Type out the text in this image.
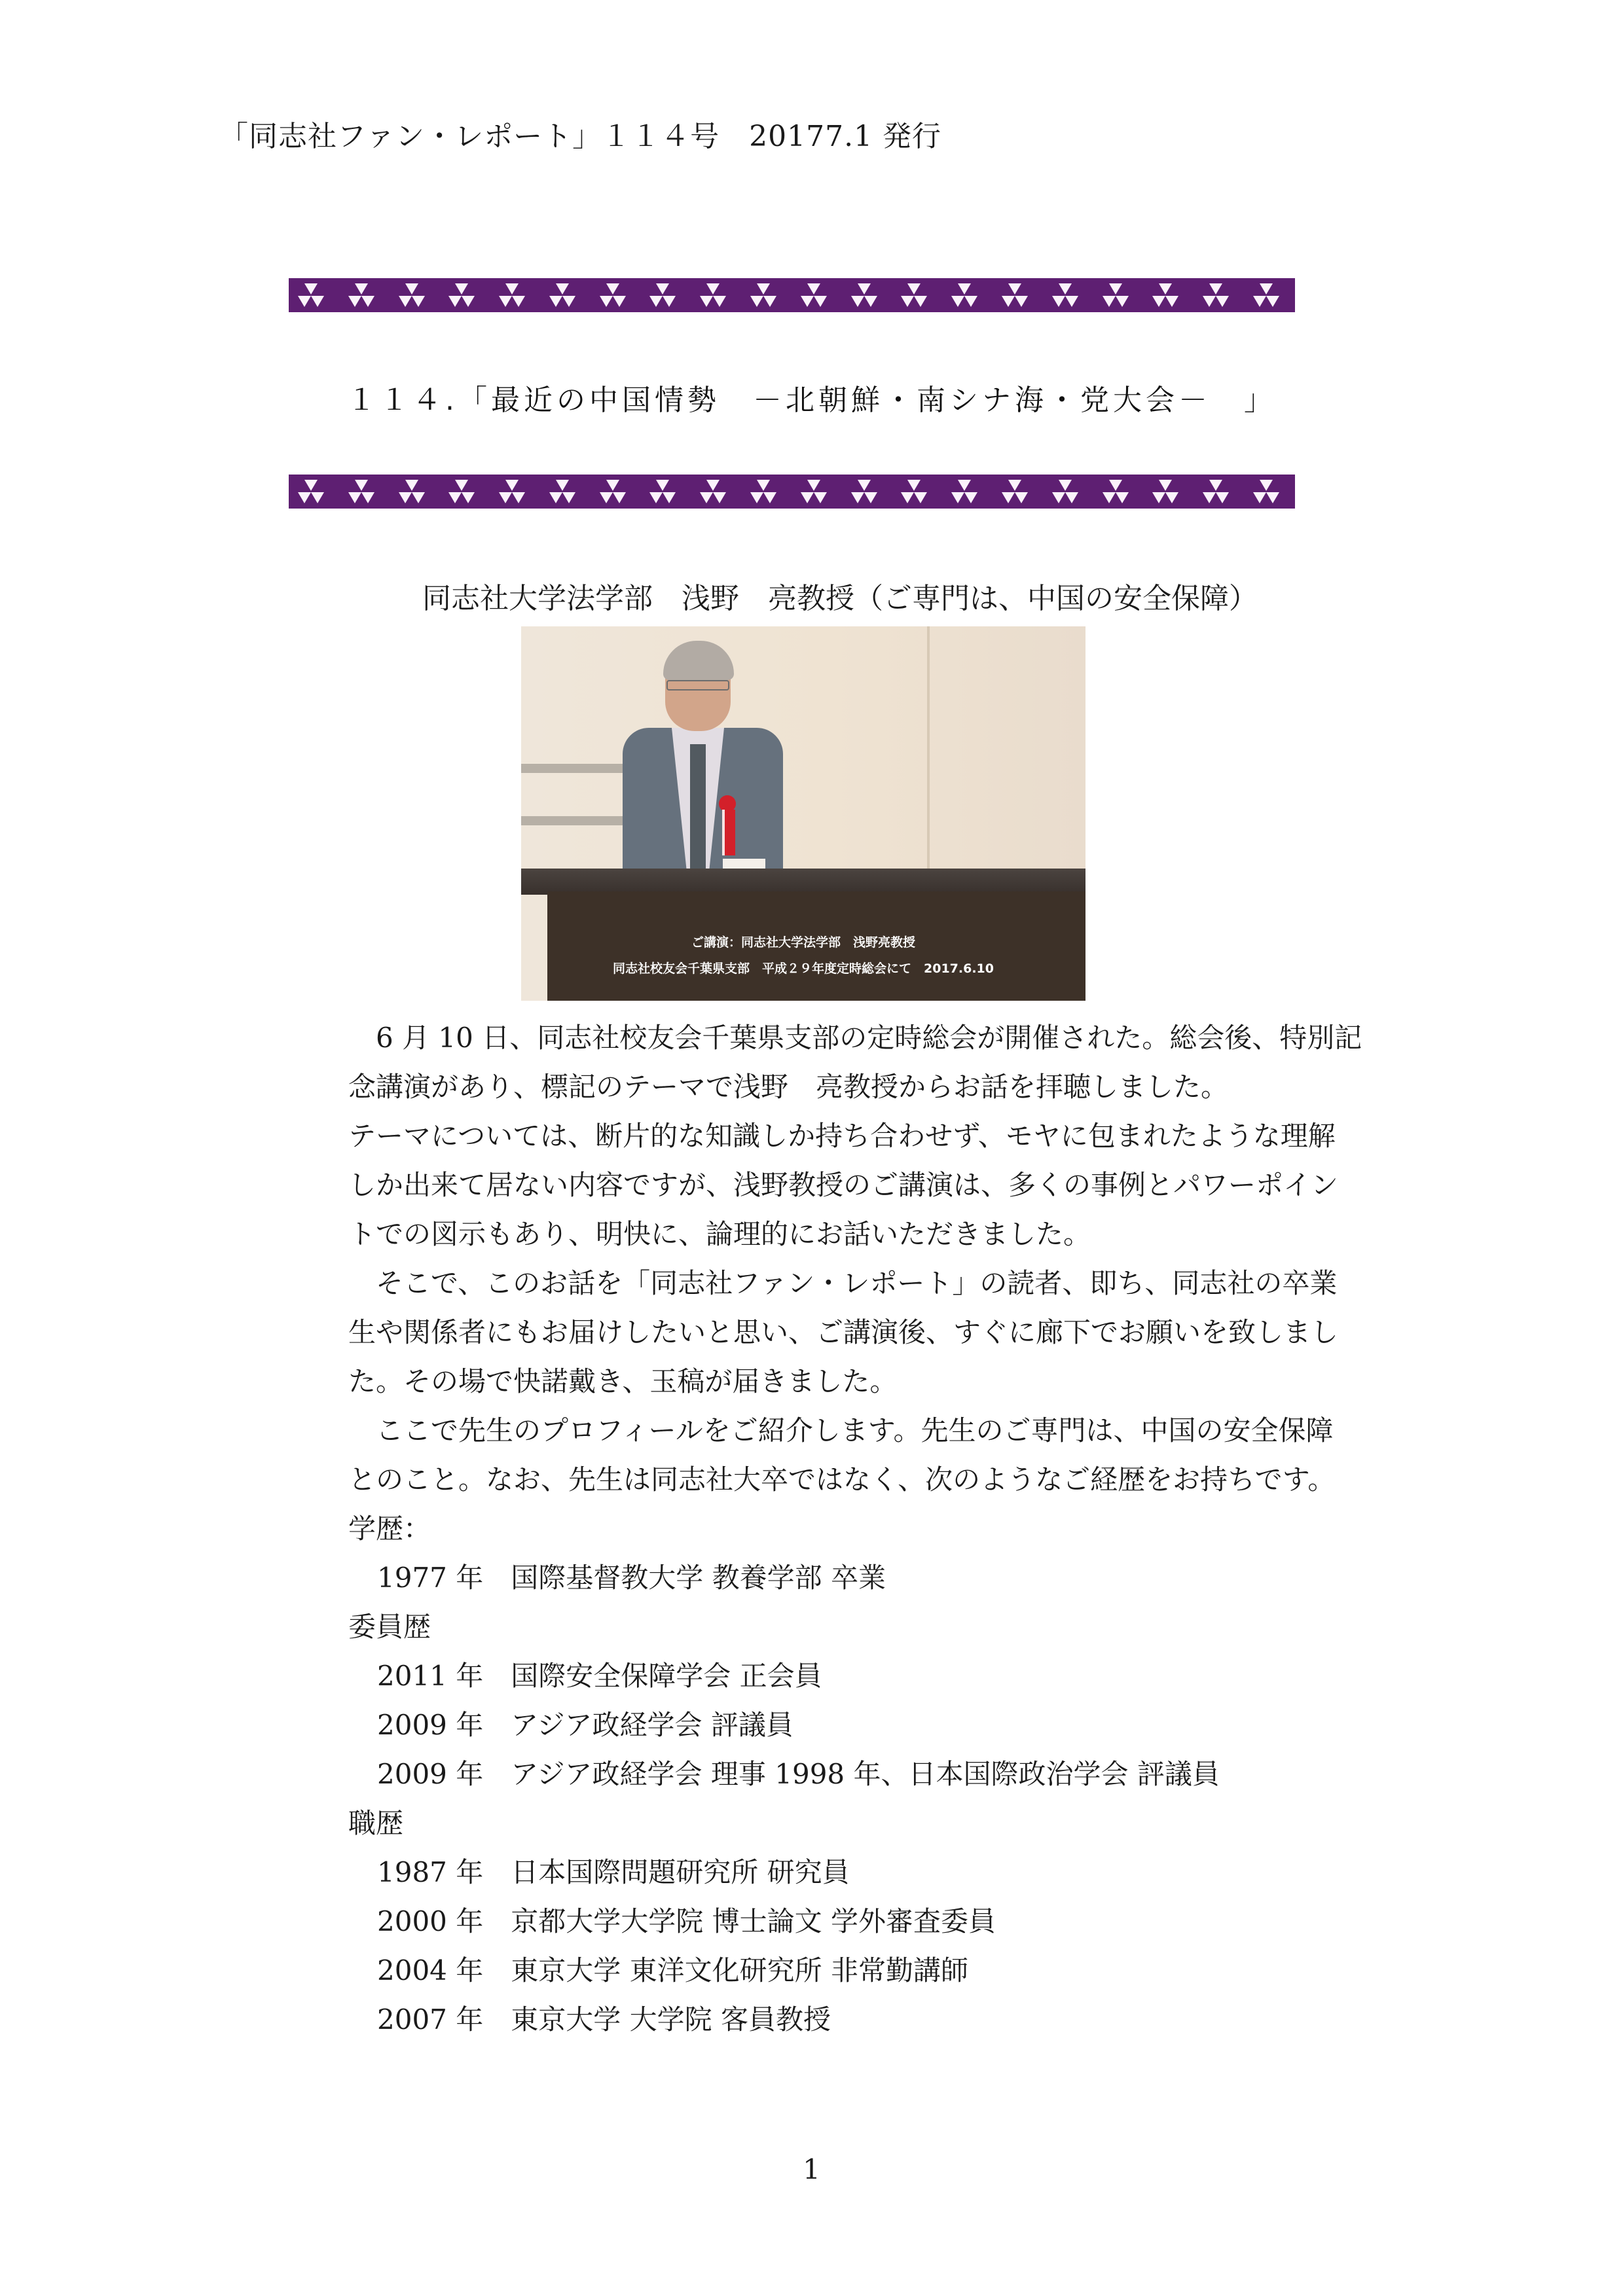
「同志社ファン・レポート」１１４号　20177.1 発行
１１４.「最近の中国情勢　－北朝鮮・南シナ海・党大会－　」
同志社大学法学部　浅野　亮教授（ご専門は、中国の安全保障）
ご講演：同志社大学法学部　浅野亮教授
同志社校友会千葉県支部　平成２９年度定時総会にて　2017.6.10

　6 月 10 日、同志社校友会千葉県支部の定時総会が開催された。総会後、特別記

念講演があり、標記のテーマで浅野　亮教授からお話を拝聴しました。

テーマについては、断片的な知識しか持ち合わせず、モヤに包まれたような理解

しか出来て居ない内容ですが、浅野教授のご講演は、多くの事例とパワーポイン

トでの図示もあり、明快に、論理的にお話いただきました。

　そこで、このお話を「同志社ファン・レポート」の読者、即ち、同志社の卒業

生や関係者にもお届けしたいと思い、ご講演後、すぐに廊下でお願いを致しまし

た。その場で快諾戴き、玉稿が届きました。

　ここで先生のプロフィールをご紹介します。先生のご専門は、中国の安全保障

とのこと。なお、先生は同志社大卒ではなく、次のようなご経歴をお持ちです。

学歴：

1977 年　国際基督教大学 教養学部 卒業

委員歴

2011 年　国際安全保障学会 正会員

2009 年　アジア政経学会 評議員

2009 年　アジア政経学会 理事 1998 年、日本国際政治学会 評議員

職歴

1987 年　日本国際問題研究所 研究員

2000 年　京都大学大学院 博士論文 学外審査委員

2004 年　東京大学 東洋文化研究所 非常勤講師

2007 年　東京大学 大学院 客員教授

1
